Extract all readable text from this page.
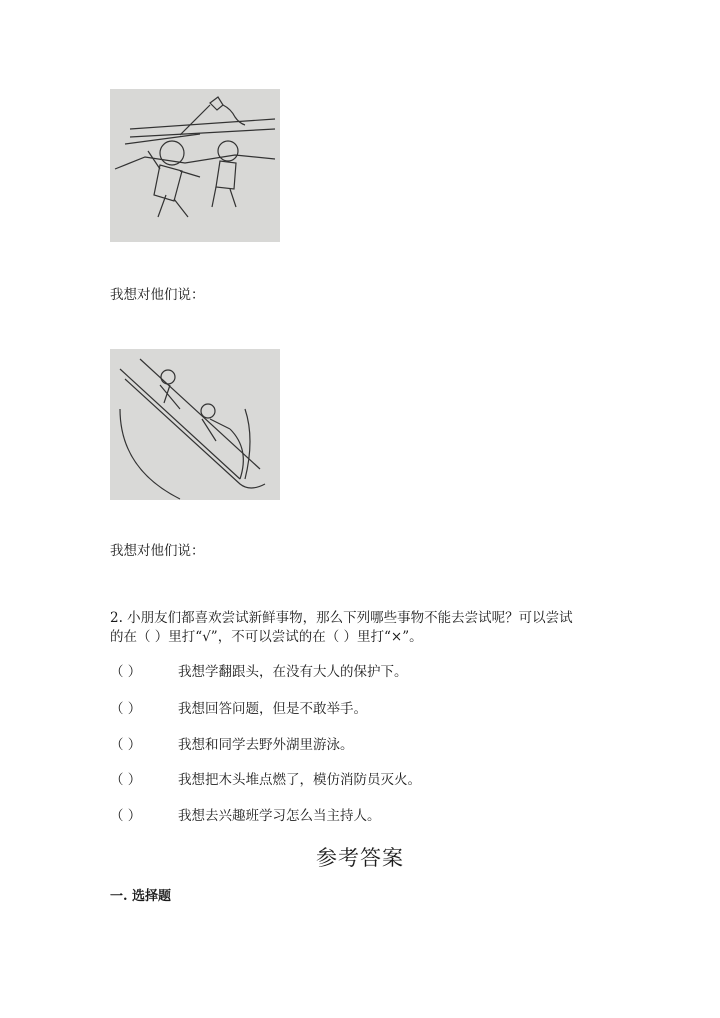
我想对他们说：
我想对他们说：
2. 小朋友们都喜欢尝试新鲜事物，那么下列哪些事物不能去尝试呢？可以尝试
的在（ ）里打“√”，不可以尝试的在（ ）里打“×”。
（ ）	我想学翻跟头，在没有大人的保护下。
（ ）	我想回答问题，但是不敢举手。
（ ）	我想和同学去野外湖里游泳。
（ ）	我想把木头堆点燃了，模仿消防员灭火。
（ ）	我想去兴趣班学习怎么当主持人。
参考答案
一. 选择题
